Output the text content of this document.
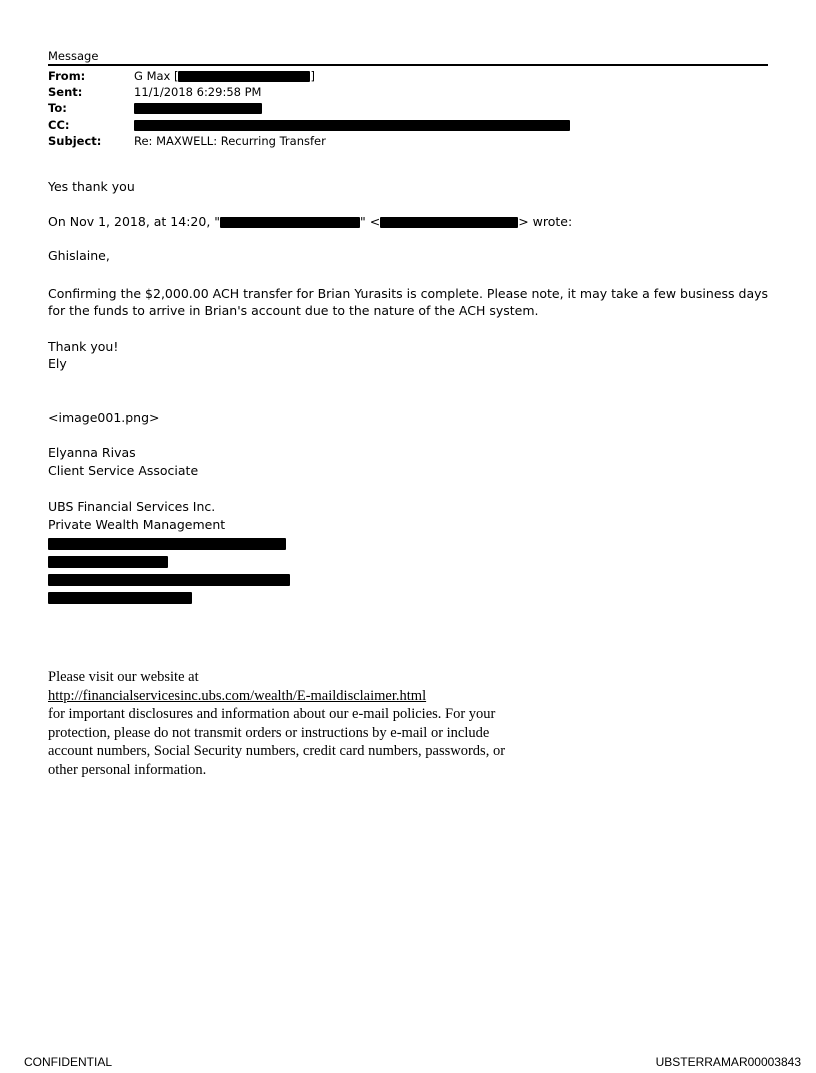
Message
From:	G Max [	]
Sent:	11/1/2018 6:29:58 PM
To:
CC:
Subject:	Re: MAXWELL: Recurring Transfer
Yes thank you
On Nov 1, 2018, at 14:20, "	" <	> wrote:
Ghislaine,
Confirming the $2,000.00 ACH transfer for Brian Yurasits is complete. Please note, it may take a few business days for the funds to arrive in Brian's account due to the nature of the ACH system.
Thank you!
Ely
<image001.png>
Elyanna Rivas
Client Service Associate
UBS Financial Services Inc.
Private Wealth Management
Please visit our website at
http://financialservicesinc.ubs.com/wealth/E-maildisclaimer.html
for important disclosures and information about our e-mail policies. For your protection, please do not transmit orders or instructions by e-mail or include account numbers, Social Security numbers, credit card numbers, passwords, or other personal information.
CONFIDENTIAL	UBSTERRAMAR00003843
